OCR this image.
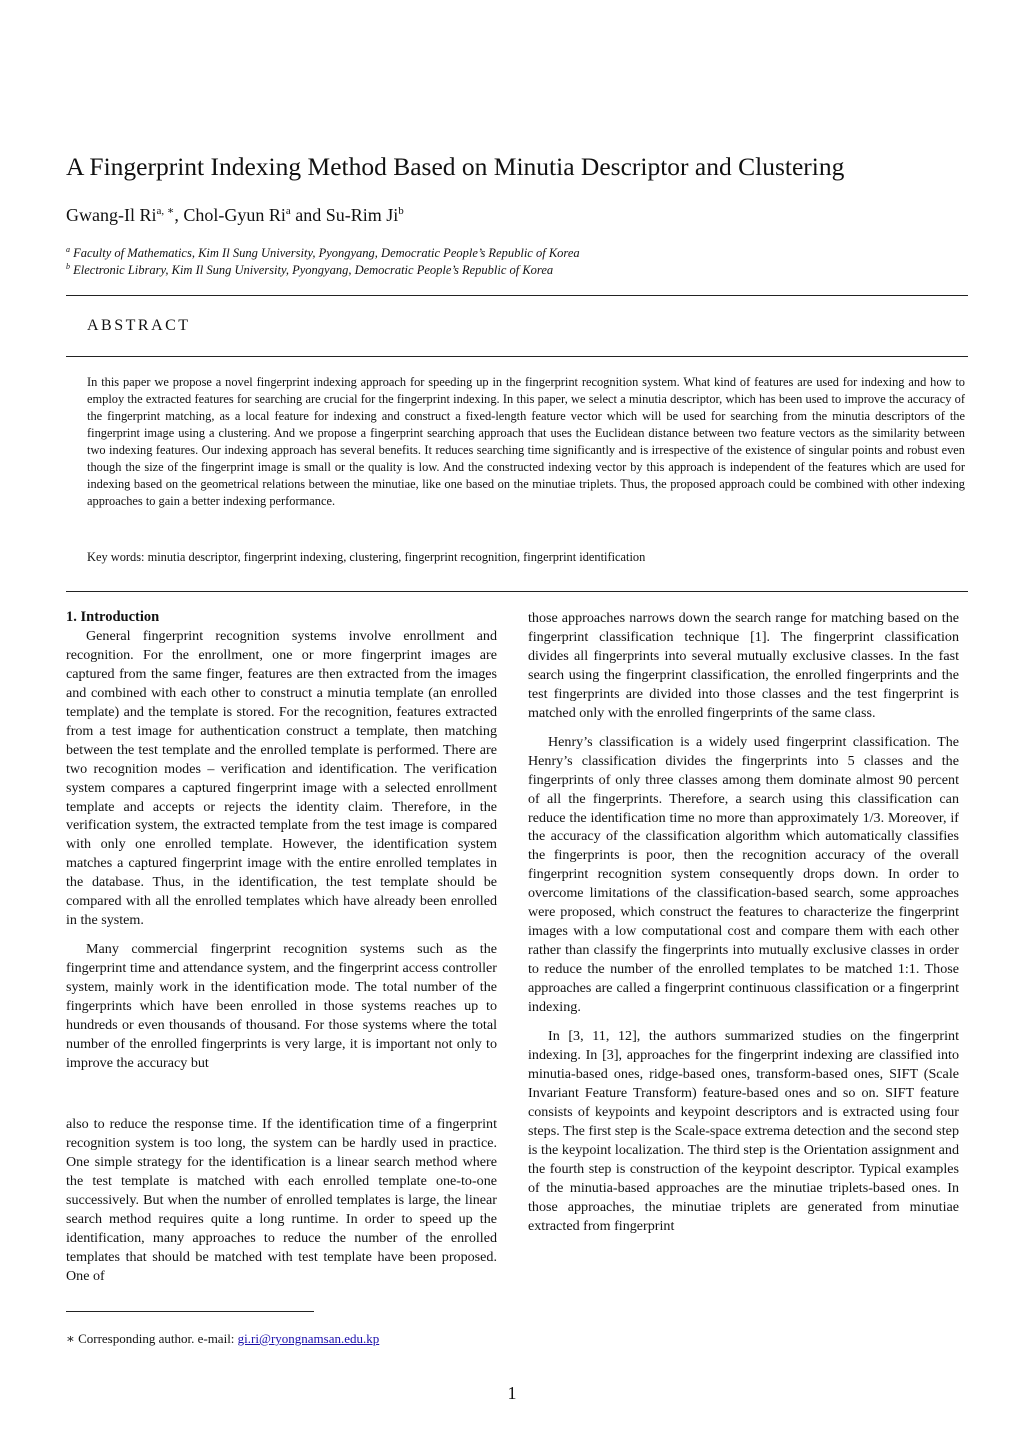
A Fingerprint Indexing Method Based on Minutia Descriptor and Clustering
Gwang-Il $Ri^{a, ∗}$, Chol-Gyun Ri$^a$ and Su-Rim Ji$^b$
$^a$ Faculty of Mathematics, Kim Il Sung University, Pyongyang, Democratic People’s Republic of Korea
$^b$ Electronic Library, Kim Il Sung University, Pyongyang, Democratic People’s Republic of Korea
ABSTRACT

In this paper we propose a novel fingerprint indexing approach for speeding up in the fingerprint recognition system. What kind of features are used for indexing and how to employ the extracted features for searching are crucial for the fingerprint indexing. In this paper, we select a minutia descriptor, which has been used to improve the accuracy of the fingerprint matching, as a local feature for indexing and construct a fixed-length feature vector which will be used for searching from the minutia descriptors of the fingerprint image using a clustering. And we propose a fingerprint searching approach that uses the Euclidean distance between two feature vectors as the similarity between two indexing features. Our indexing approach has several benefits. It reduces searching time significantly and is irrespective of the existence of singular points and robust even though the size of the fingerprint image is small or the quality is low. And the constructed indexing vector by this approach is independent of the features which are used for indexing based on the geometrical relations between the minutiae, like one based on the minutiae triplets. Thus, the proposed approach could be combined with other indexing approaches to gain a better indexing performance.

Key words: minutia descriptor, fingerprint indexing, clustering, fingerprint recognition, fingerprint identification

1. Introduction

General fingerprint recognition systems involve enrollment and recognition. For the enrollment, one or more fingerprint images are captured from the same finger, features are then extracted from the images and combined with each other to construct a minutia template (an enrolled template) and the template is stored. For the recognition, features extracted from a test image for authentication construct a template, then matching between the test template and the enrolled template is performed. There are two recognition modes – verification and identification. The verification system compares a captured fingerprint image with a selected enrollment template and accepts or rejects the identity claim. Therefore, in the verification system, the extracted template from the test image is compared with only one enrolled template. However, the identification system matches a captured fingerprint image with the entire enrolled templates in the database. Thus, in the identification, the test template should be compared with all the enrolled templates which have already been enrolled in the system.

Many commercial fingerprint recognition systems such as the fingerprint time and attendance system, and the fingerprint access controller system, mainly work in the identification mode. The total number of the fingerprints which have been enrolled in those systems reaches up to hundreds or even thousands of thousand. For those systems where the total number of the enrolled fingerprints is very large, it is important not only to improve the accuracy but

also to reduce the response time. If the identification time of a fingerprint recognition system is too long, the system can be hardly used in practice. One simple strategy for the identification is a linear search method where the test template is matched with each enrolled template one-to-one successively. But when the number of enrolled templates is large, the linear search method requires quite a long runtime. In order to speed up the identification, many approaches to reduce the number of the enrolled templates that should be matched with test template have been proposed. One of

those approaches narrows down the search range for matching based on the fingerprint classification technique [1]. The fingerprint classification divides all fingerprints into several mutually exclusive classes. In the fast search using the fingerprint classification, the enrolled fingerprints and the test fingerprints are divided into those classes and the test fingerprint is matched only with the enrolled fingerprints of the same class.

Henry’s classification is a widely used fingerprint classification. The Henry’s classification divides the fingerprints into 5 classes and the fingerprints of only three classes among them dominate almost 90 percent of all the fingerprints. Therefore, a search using this classification can reduce the identification time no more than approximately 1/3. Moreover, if the accuracy of the classification algorithm which automatically classifies the fingerprints is poor, then the recognition accuracy of the overall fingerprint recognition system consequently drops down. In order to overcome limitations of the classification-based search, some approaches were proposed, which construct the features to characterize the fingerprint images with a low computational cost and compare them with each other rather than classify the fingerprints into mutually exclusive classes in order to reduce the number of the enrolled templates to be matched 1:1. Those approaches are called a fingerprint continuous classification or a fingerprint indexing.

In [3, 11, 12], the authors summarized studies on the fingerprint indexing. In [3], approaches for the fingerprint indexing are classified into minutia-based ones, ridge-based ones, transform-based ones, SIFT (Scale Invariant Feature Transform) feature-based ones and so on. SIFT feature consists of keypoints and keypoint descriptors and is extracted using four steps. The first step is the Scale-space extrema detection and the second step is the keypoint localization. The third step is the Orientation assignment and the fourth step is construction of the keypoint descriptor. Typical examples of the minutia-based approaches are the minutiae triplets-based ones. In those approaches, the minutiae triplets are generated from minutiae extracted from fingerprint

∗ Corresponding author. e-mail: gi.ri@ryongnamsan.edu.kp
1
